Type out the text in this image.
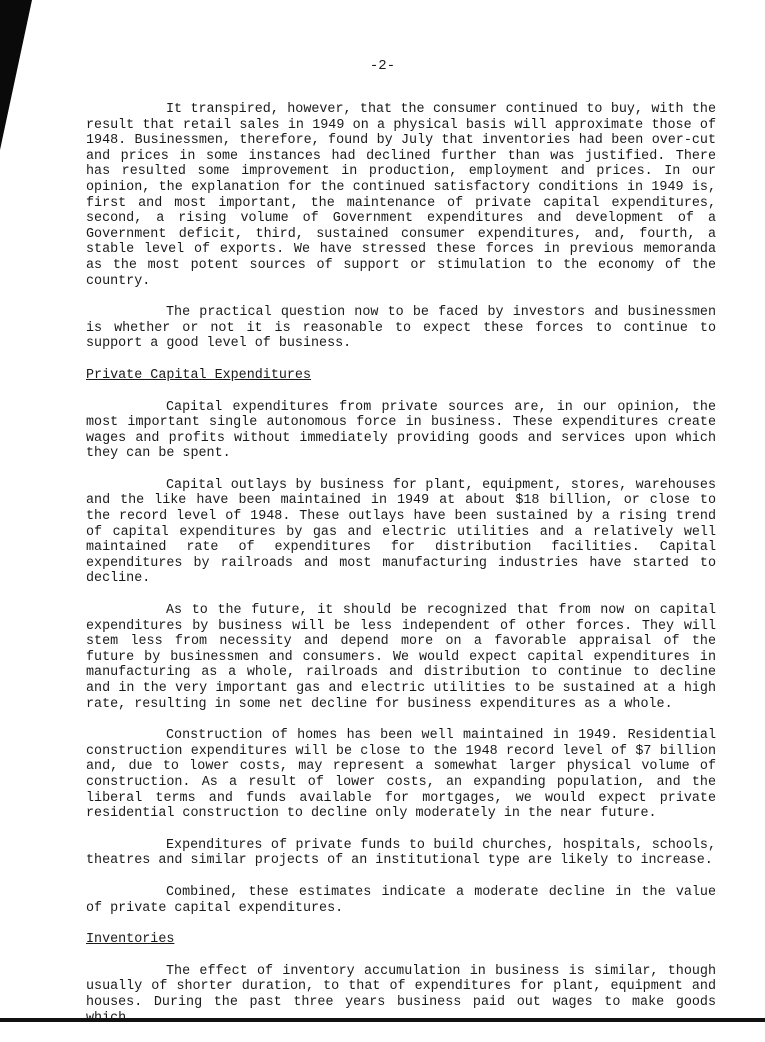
-2-

It transpired, however, that the consumer continued to buy, with the result that retail sales in 1949 on a physical basis will approximate those of 1948. Businessmen, therefore, found by July that inventories had been over-cut and prices in some instances had declined further than was justified. There has resulted some improvement in production, employment and prices. In our opinion, the explanation for the continued satisfactory conditions in 1949 is, first and most important, the maintenance of private capital expenditures, second, a rising volume of Government expenditures and development of a Government deficit, third, sustained consumer expenditures, and, fourth, a stable level of exports. We have stressed these forces in previous memoranda as the most potent sources of support or stimulation to the economy of the country.

The practical question now to be faced by investors and businessmen is whether or not it is reasonable to expect these forces to continue to support a good level of business.

Private Capital Expenditures

Capital expenditures from private sources are, in our opinion, the most important single autonomous force in business. These expenditures create wages and profits without immediately providing goods and services upon which they can be spent.

Capital outlays by business for plant, equipment, stores, warehouses and the like have been maintained in 1949 at about $18 billion, or close to the record level of 1948. These outlays have been sustained by a rising trend of capital expenditures by gas and electric utilities and a relatively well maintained rate of expenditures for distribution facilities. Capital expenditures by railroads and most manufacturing industries have started to decline.

As to the future, it should be recognized that from now on capital expenditures by business will be less independent of other forces. They will stem less from necessity and depend more on a favorable appraisal of the future by businessmen and consumers. We would expect capital expenditures in manufacturing as a whole, railroads and distribution to continue to decline and in the very important gas and electric utilities to be sustained at a high rate, resulting in some net decline for business expenditures as a whole.

Construction of homes has been well maintained in 1949. Residential construction expenditures will be close to the 1948 record level of $7 billion and, due to lower costs, may represent a somewhat larger physical volume of construction. As a result of lower costs, an expanding population, and the liberal terms and funds available for mortgages, we would expect private residential construction to decline only moderately in the near future.

Expenditures of private funds to build churches, hospitals, schools, theatres and similar projects of an institutional type are likely to increase.

Combined, these estimates indicate a moderate decline in the value of private capital expenditures.

Inventories

The effect of inventory accumulation in business is similar, though usually of shorter duration, to that of expenditures for plant, equipment and houses. During the past three years business paid out wages to make goods
